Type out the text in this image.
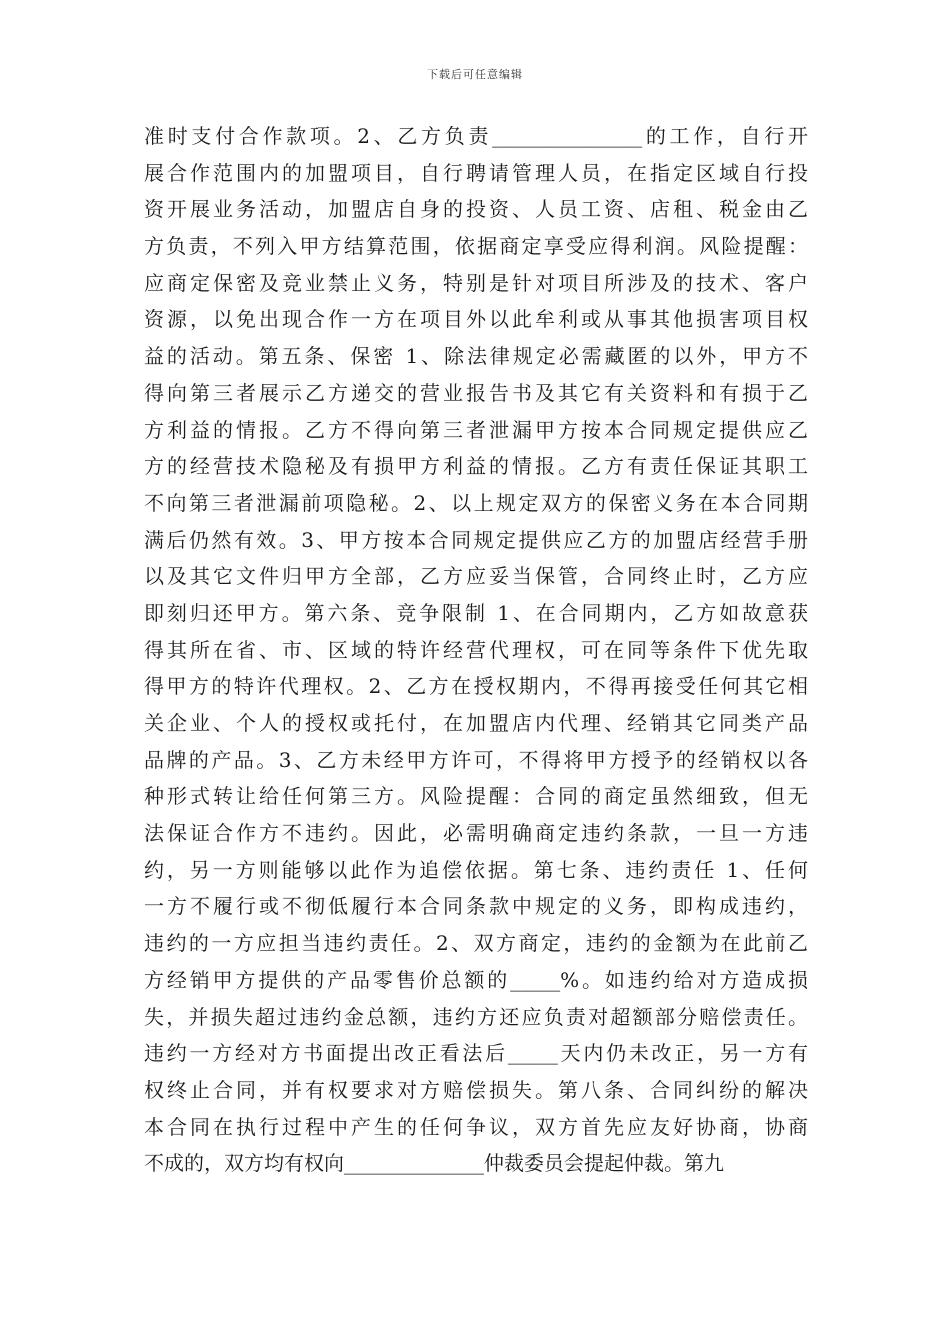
下载后可任意编辑
准时支付合作款项。2、乙方负责_______________的工作，自行开
展合作范围内的加盟项目，自行聘请管理人员，在指定区域自行投
资开展业务活动，加盟店自身的投资、人员工资、店租、税金由乙
方负责，不列入甲方结算范围，依据商定享受应得利润。风险提醒：
应商定保密及竞业禁止义务，特别是针对项目所涉及的技术、客户
资源，以免出现合作一方在项目外以此牟利或从事其他损害项目权
益的活动。第五条、保密 1、除法律规定必需藏匿的以外，甲方不
得向第三者展示乙方递交的营业报告书及其它有关资料和有损于乙
方利益的情报。乙方不得向第三者泄漏甲方按本合同规定提供应乙
方的经营技术隐秘及有损甲方利益的情报。乙方有责任保证其职工
不向第三者泄漏前项隐秘。2、以上规定双方的保密义务在本合同期
满后仍然有效。3、甲方按本合同规定提供应乙方的加盟店经营手册
以及其它文件归甲方全部，乙方应妥当保管，合同终止时，乙方应
即刻归还甲方。第六条、竞争限制 1、在合同期内，乙方如故意获
得其所在省、市、区域的特许经营代理权，可在同等条件下优先取
得甲方的特许代理权。2、乙方在授权期内，不得再接受任何其它相
关企业、个人的授权或托付，在加盟店内代理、经销其它同类产品
品牌的产品。3、乙方未经甲方许可，不得将甲方授予的经销权以各
种形式转让给任何第三方。风险提醒：合同的商定虽然细致，但无
法保证合作方不违约。因此，必需明确商定违约条款，一旦一方违
约，另一方则能够以此作为追偿依据。第七条、违约责任 1、任何
一方不履行或不彻低履行本合同条款中规定的义务，即构成违约，
违约的一方应担当违约责任。2、双方商定，违约的金额为在此前乙
方经销甲方提供的产品零售价总额的_____%。如违约给对方造成损
失，并损失超过违约金总额，违约方还应负责对超额部分赔偿责任。
违约一方经对方书面提出改正看法后_____天内仍未改正，另一方有
权终止合同，并有权要求对方赔偿损失。第八条、合同纠纷的解决
本合同在执行过程中产生的任何争议，双方首先应友好协商，协商
不成的，双方均有权向______________仲裁委员会提起仲裁。第九
